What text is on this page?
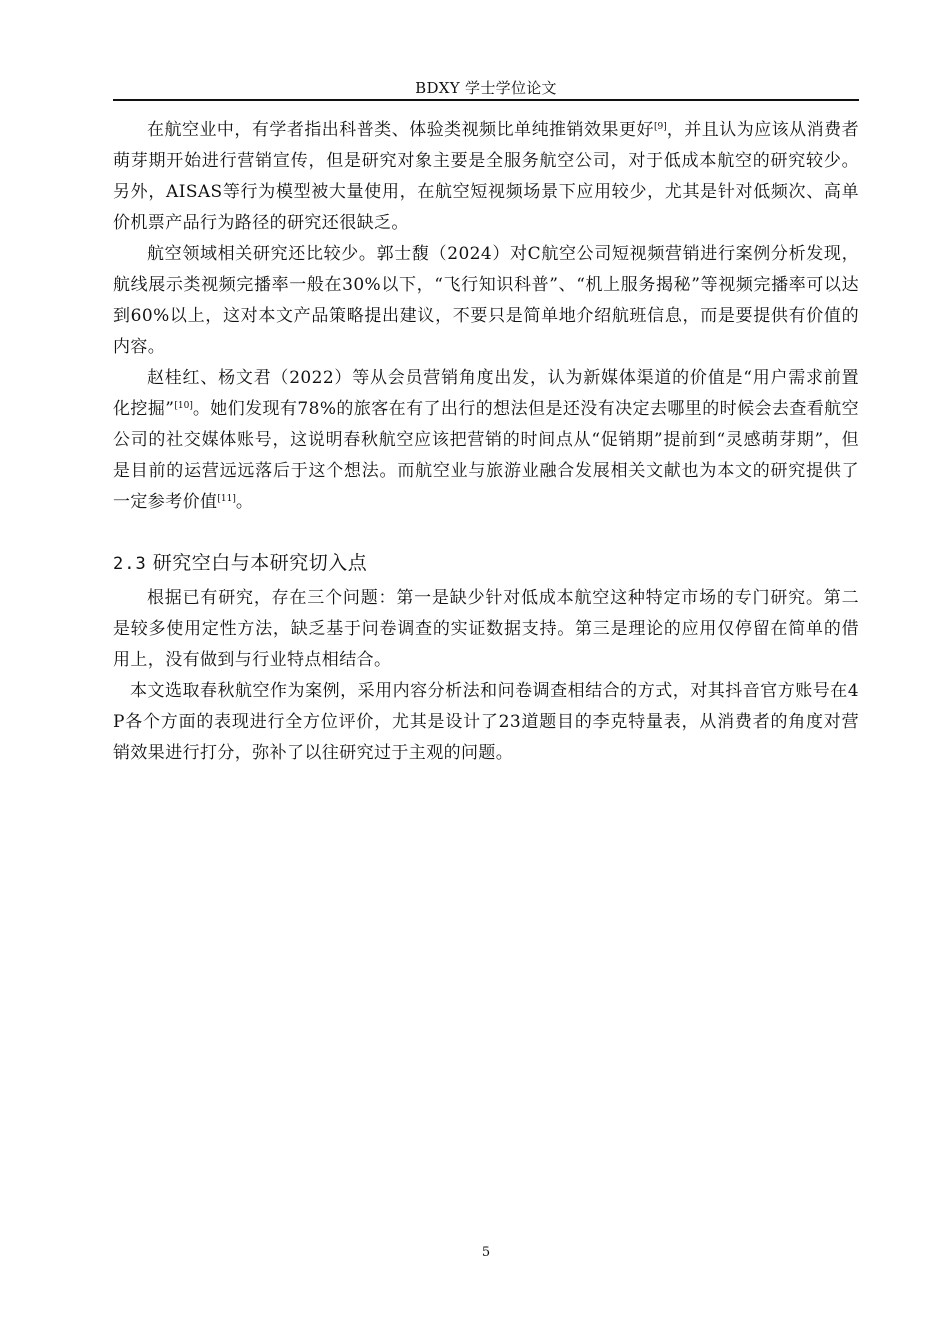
BDXY 学士学位论文

在航空业中，有学者指出科普类、体验类视频比单纯推销效果更好[9]，并且认为应该从消费者萌芽期开始进行营销宣传，但是研究对象主要是全服务航空公司，对于低成本航空的研究较少。另外，AISAS等行为模型被大量使用，在航空短视频场景下应用较少，尤其是针对低频次、高单价机票产品行为路径的研究还很缺乏。

航空领域相关研究还比较少。郭士馥（2024）对C航空公司短视频营销进行案例分析发现，航线展示类视频完播率一般在30%以下，“飞行知识科普”、“机上服务揭秘”等视频完播率可以达到60%以上，这对本文产品策略提出建议，不要只是简单地介绍航班信息，而是要提供有价值的内容。

赵桂红、杨文君（2022）等从会员营销角度出发，认为新媒体渠道的价值是“用户需求前置化挖掘”[10]。她们发现有78%的旅客在有了出行的想法但是还没有决定去哪里的时候会去查看航空公司的社交媒体账号，这说明春秋航空应该把营销的时间点从“促销期”提前到“灵感萌芽期”，但是目前的运营远远落后于这个想法。而航空业与旅游业融合发展相关文献也为本文的研究提供了一定参考价值[11]。

2.3 研究空白与本研究切入点

根据已有研究，存在三个问题：第一是缺少针对低成本航空这种特定市场的专门研究。第二是较多使用定性方法，缺乏基于问卷调查的实证数据支持。第三是理论的应用仅停留在简单的借用上，没有做到与行业特点相结合。

本文选取春秋航空作为案例，采用内容分析法和问卷调查相结合的方式，对其抖音官方账号在4P各个方面的表现进行全方位评价，尤其是设计了23道题目的李克特量表，从消费者的角度对营销效果进行打分，弥补了以往研究过于主观的问题。

5
